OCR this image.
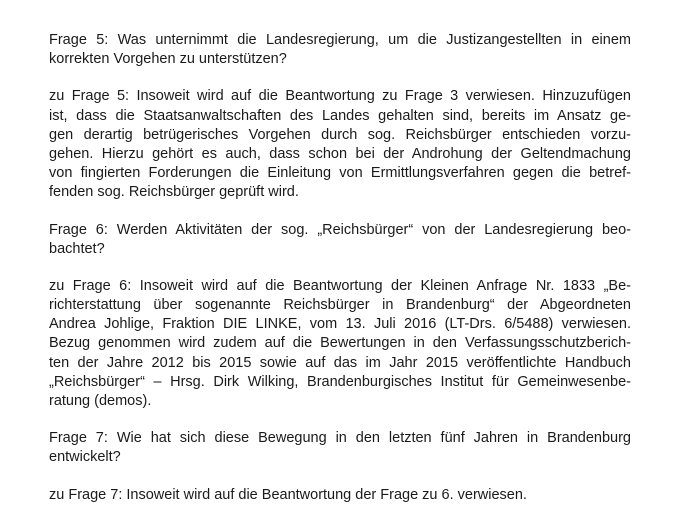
Frage 5: Was unternimmt die Landesregierung, um die Justizangestellten in einem
korrekten Vorgehen zu unterstützen?

zu Frage 5: Insoweit wird auf die Beantwortung zu Frage 3 verwiesen. Hinzuzufügen
ist, dass die Staatsanwaltschaften des Landes gehalten sind, bereits im Ansatz ge-
gen derartig betrügerisches Vorgehen durch sog. Reichsbürger entschieden vorzu-
gehen. Hierzu gehört es auch, dass schon bei der Androhung der Geltendmachung
von fingierten Forderungen die Einleitung von Ermittlungsverfahren gegen die betref-
fenden sog. Reichsbürger geprüft wird.

Frage 6: Werden Aktivitäten der sog. „Reichsbürger“ von der Landesregierung beo-
bachtet?

zu Frage 6: Insoweit wird auf die Beantwortung der Kleinen Anfrage Nr. 1833 „Be-
richterstattung über sogenannte Reichsbürger in Brandenburg“ der Abgeordneten
Andrea Johlige, Fraktion DIE LINKE, vom 13. Juli 2016 (LT-Drs. 6/5488) verwiesen.
Bezug genommen wird zudem auf die Bewertungen in den Verfassungsschutzberich-
ten der Jahre 2012 bis 2015 sowie auf das im Jahr 2015 veröffentlichte Handbuch
„Reichsbürger“ – Hrsg. Dirk Wilking, Brandenburgisches Institut für Gemeinwesenbe-
ratung (demos).

Frage 7: Wie hat sich diese Bewegung in den letzten fünf Jahren in Brandenburg
entwickelt?

zu Frage 7: Insoweit wird auf die Beantwortung der Frage zu 6. verwiesen.
